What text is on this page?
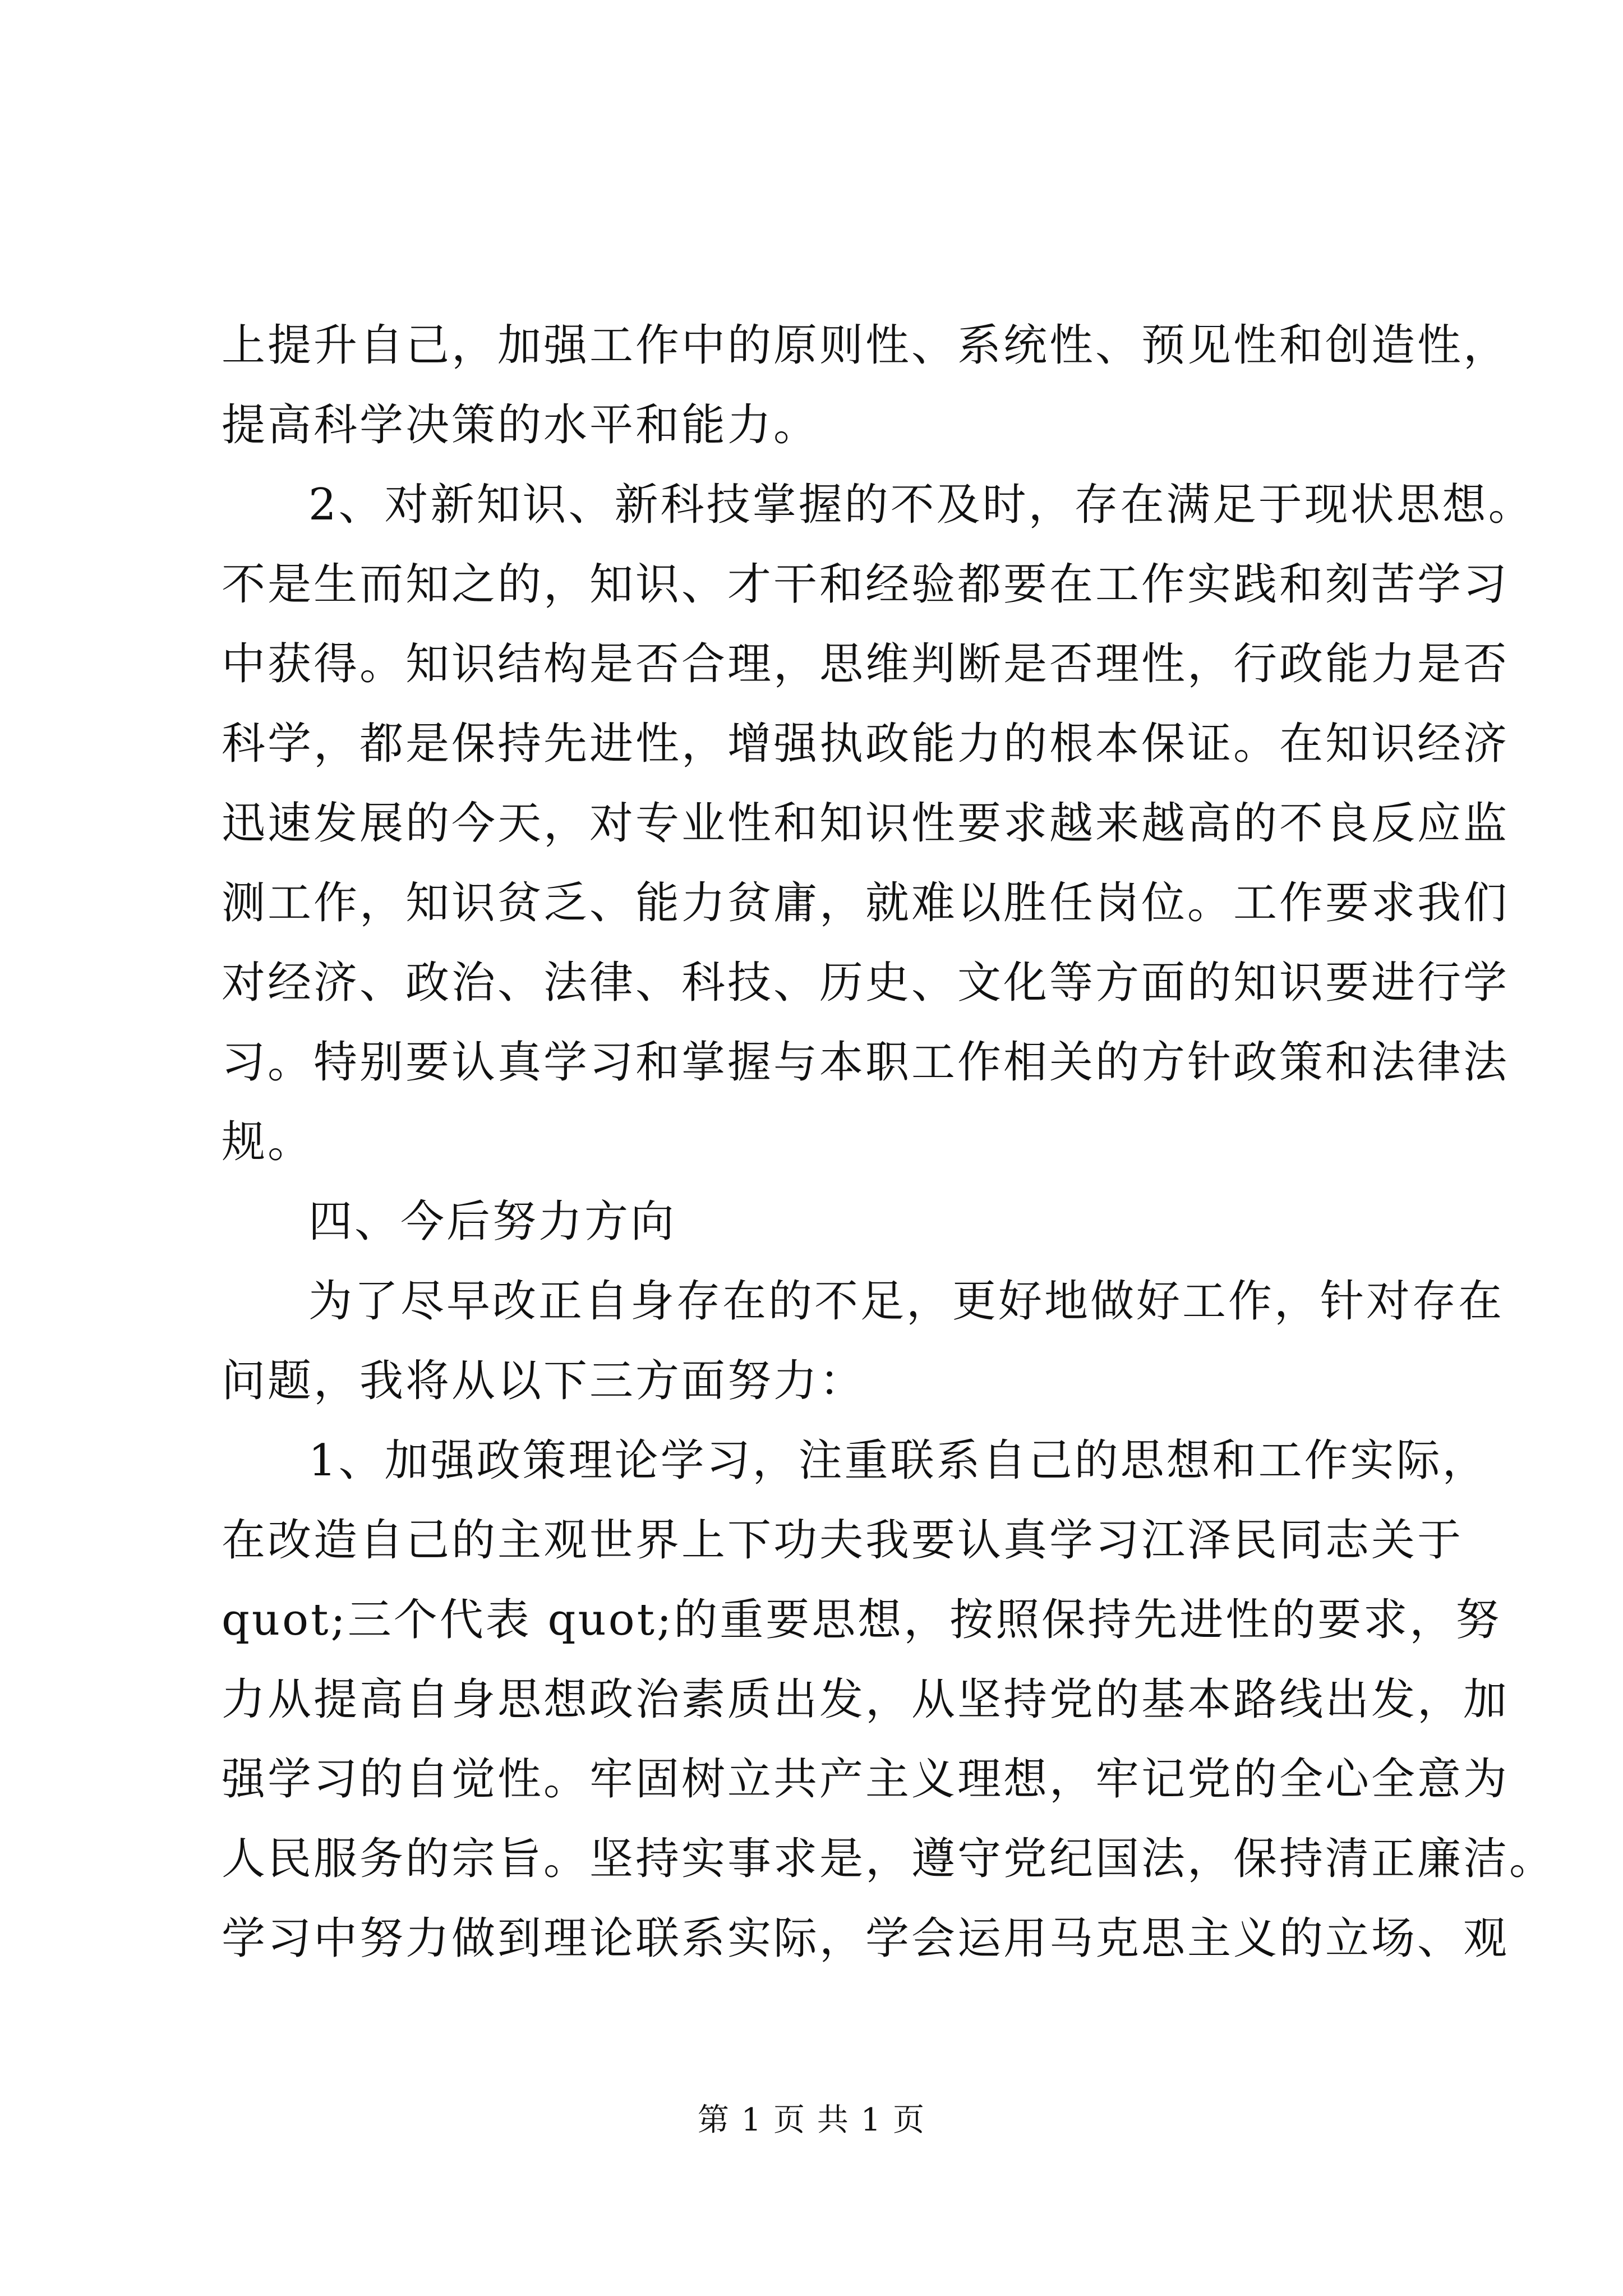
上提升自己，加强工作中的原则性、系统性、预见性和创造性，
提高科学决策的水平和能力。
2、对新知识、新科技掌握的不及时，存在满足于现状思想。
不是生而知之的，知识、才干和经验都要在工作实践和刻苦学习
中获得。知识结构是否合理，思维判断是否理性，行政能力是否
科学，都是保持先进性，增强执政能力的根本保证。在知识经济
迅速发展的今天，对专业性和知识性要求越来越高的不良反应监
测工作，知识贫乏、能力贫庸，就难以胜任岗位。工作要求我们
对经济、政治、法律、科技、历史、文化等方面的知识要进行学
习。特别要认真学习和掌握与本职工作相关的方针政策和法律法
规。
四、今后努力方向
为了尽早改正自身存在的不足，更好地做好工作，针对存在
问题，我将从以下三方面努力：
1、加强政策理论学习，注重联系自己的思想和工作实际，
在改造自己的主观世界上下功夫我要认真学习江泽民同志关于
quot;三个代表 quot;的重要思想，按照保持先进性的要求，努
力从提高自身思想政治素质出发，从坚持党的基本路线出发，加
强学习的自觉性。牢固树立共产主义理想，牢记党的全心全意为
人民服务的宗旨。坚持实事求是，遵守党纪国法，保持清正廉洁。
学习中努力做到理论联系实际，学会运用马克思主义的立场、观
第 1 页 共 1 页
